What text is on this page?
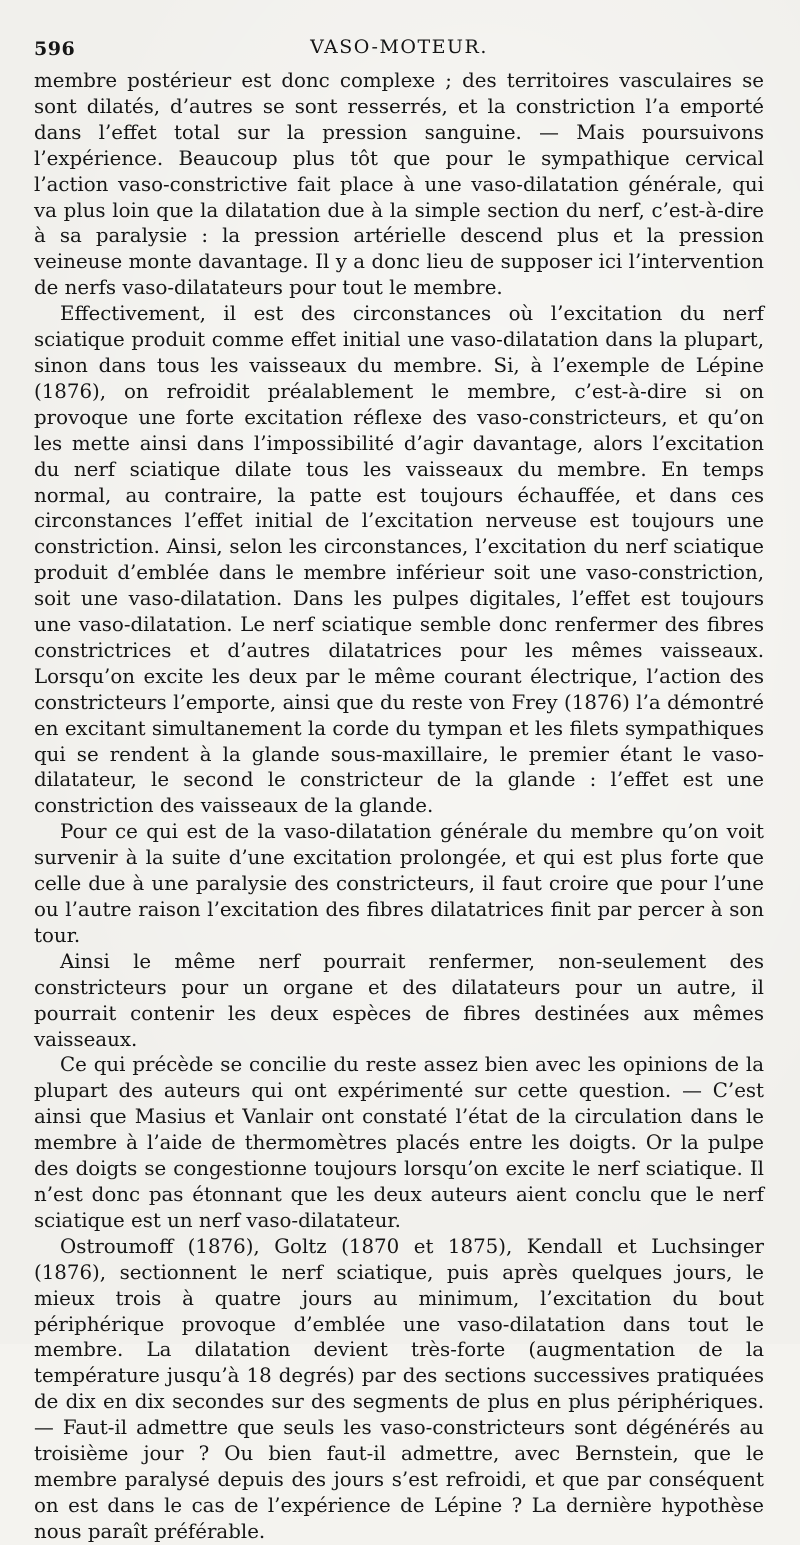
596	VASO-MOTEUR.

membre postérieur est donc complexe ; des territoires vasculaires se sont dilatés, d’autres se sont resserrés, et la constriction l’a emporté dans l’effet total sur la pression sanguine. — Mais poursuivons l’expérience. Beaucoup plus tôt que pour le sympathique cervical l’action vaso-constrictive fait place à une vaso-dilatation générale, qui va plus loin que la dilatation due à la simple section du nerf, c’est-à-dire à sa paralysie : la pression artérielle descend plus et la pression veineuse monte davantage. Il y a donc lieu de supposer ici l’intervention de nerfs vaso-dilatateurs pour tout le membre.

Effectivement, il est des circonstances où l’excitation du nerf sciatique produit comme effet initial une vaso-dilatation dans la plupart, sinon dans tous les vaisseaux du membre. Si, à l’exemple de Lépine (1876), on refroidit préalablement le membre, c’est-à-dire si on provoque une forte excitation réflexe des vaso-constricteurs, et qu’on les mette ainsi dans l’impossibilité d’agir davantage, alors l’excitation du nerf sciatique dilate tous les vaisseaux du membre. En temps normal, au contraire, la patte est toujours échauffée, et dans ces circonstances l’effet initial de l’excitation nerveuse est toujours une constriction. Ainsi, selon les circonstances, l’excitation du nerf sciatique produit d’emblée dans le membre inférieur soit une vaso-constriction, soit une vaso-dilatation. Dans les pulpes digitales, l’effet est toujours une vaso-dilatation. Le nerf sciatique semble donc renfermer des fibres constrictrices et d’autres dilatatrices pour les mêmes vaisseaux. Lorsqu’on excite les deux par le même courant électrique, l’action des constricteurs l’emporte, ainsi que du reste von Frey (1876) l’a démontré en excitant simultanement la corde du tympan et les filets sympathiques qui se rendent à la glande sous-maxillaire, le premier étant le vaso-dilatateur, le second le constricteur de la glande : l’effet est une constriction des vaisseaux de la glande.

Pour ce qui est de la vaso-dilatation générale du membre qu’on voit survenir à la suite d’une excitation prolongée, et qui est plus forte que celle due à une paralysie des constricteurs, il faut croire que pour l’une ou l’autre raison l’excitation des fibres dilatatrices finit par percer à son tour.

Ainsi le même nerf pourrait renfermer, non-seulement des constricteurs pour un organe et des dilatateurs pour un autre, il pourrait contenir les deux espèces de fibres destinées aux mêmes vaisseaux.

Ce qui précède se concilie du reste assez bien avec les opinions de la plupart des auteurs qui ont expérimenté sur cette question. — C’est ainsi que Masius et Vanlair ont constaté l’état de la circulation dans le membre à l’aide de thermomètres placés entre les doigts. Or la pulpe des doigts se congestionne toujours lorsqu’on excite le nerf sciatique. Il n’est donc pas étonnant que les deux auteurs aient conclu que le nerf sciatique est un nerf vaso-dilatateur.

Ostroumoff (1876), Goltz (1870 et 1875), Kendall et Luchsinger (1876), sectionnent le nerf sciatique, puis après quelques jours, le mieux trois à quatre jours au minimum, l’excitation du bout périphérique provoque d’emblée une vaso-dilatation dans tout le membre. La dilatation devient très-forte (augmentation de la température jusqu’à 18 degrés) par des sections successives pratiquées de dix en dix secondes sur des segments de plus en plus périphériques. — Faut-il admettre que seuls les vaso-constricteurs sont dégénérés au troisième jour ? Ou bien faut-il admettre, avec Bernstein, que le membre paralysé depuis des jours s’est refroidi, et que par conséquent on est dans le cas de l’expérience de Lépine ? La dernière hypothèse nous paraît préférable.
